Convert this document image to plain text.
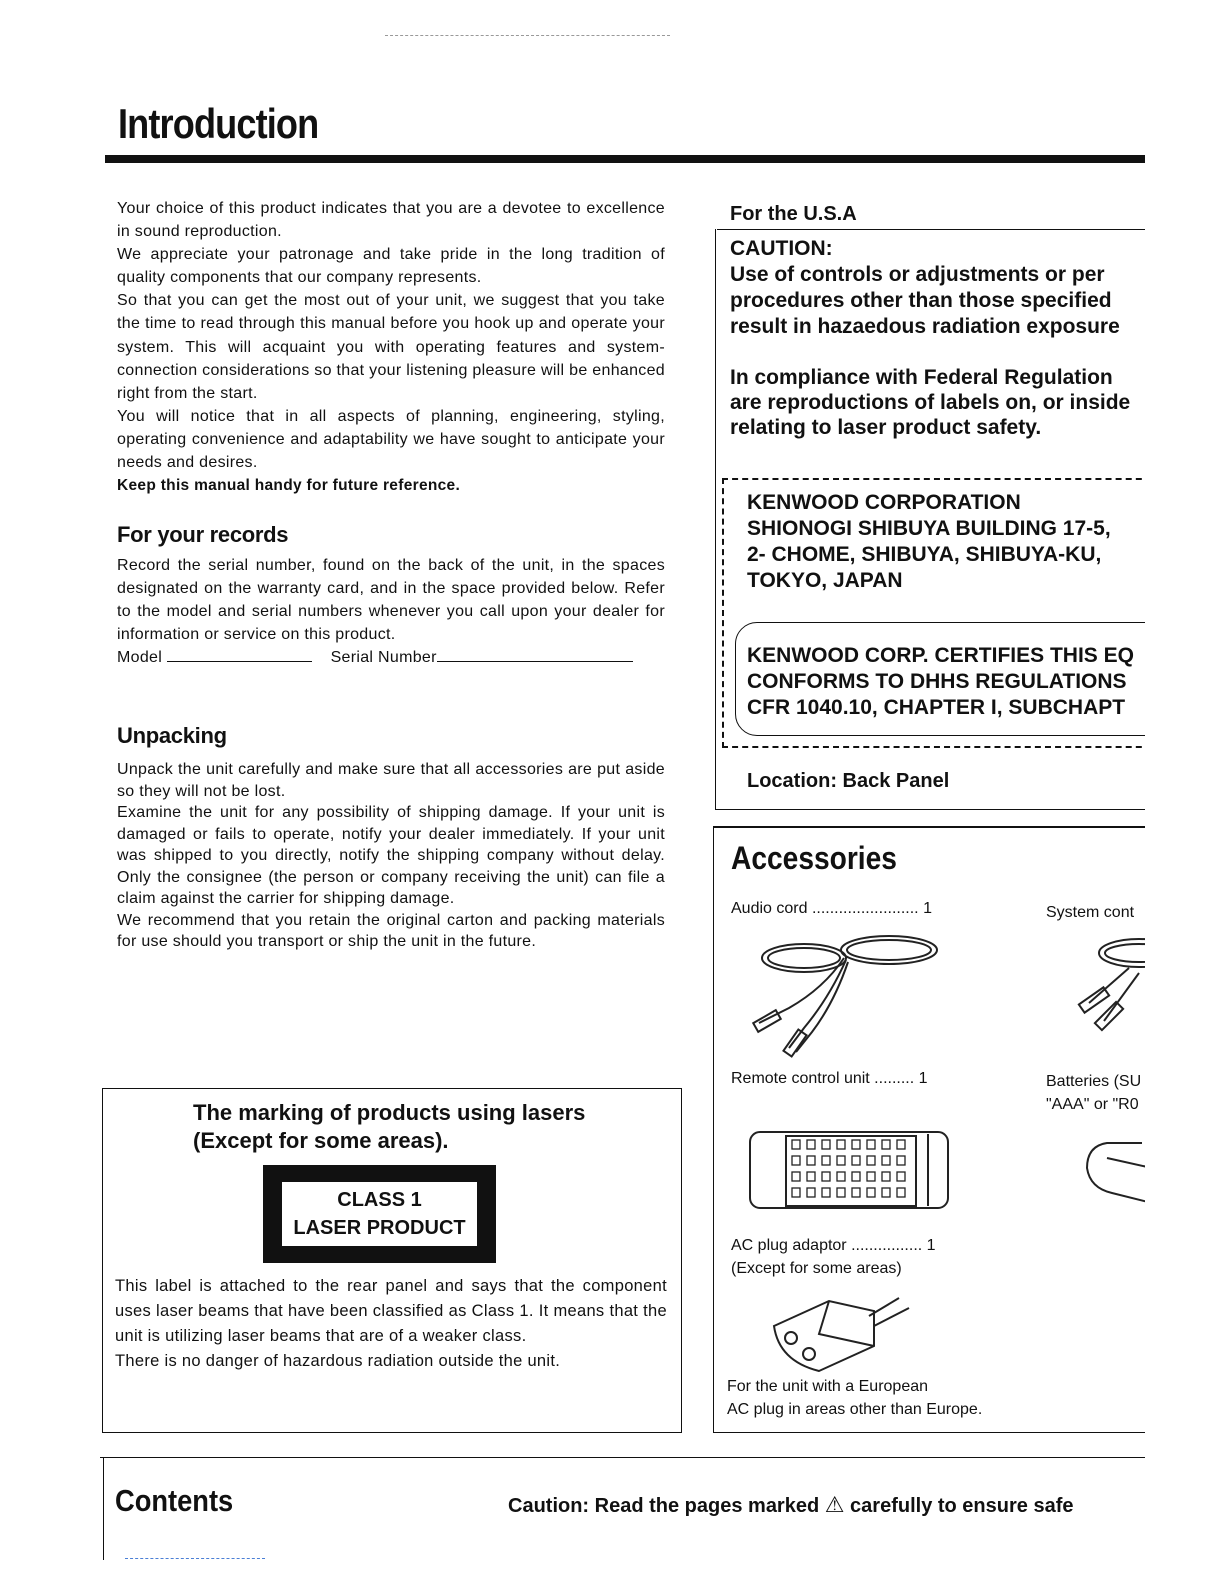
Introduction

Your choice of this product indicates that you are a devotee to excellence in sound reproduction.

We appreciate your patronage and take pride in the long tradition of quality components that our company represents.

So that you can get the most out of your unit, we suggest that you take the time to read through this manual before you hook up and operate your system. This will acquaint you with operating features and system-connection considerations so that your listening pleasure will be enhanced right from the start.

You will notice that in all aspects of planning, engineering, styling, operating convenience and adaptability we have sought to anticipate your needs and desires.

Keep this manual handy for future reference.

For your records

Record the serial number, found on the back of the unit, in the spaces designated on the warranty card, and in the space provided below. Refer to the model and serial numbers whenever you call upon your dealer for information or service on this product.

Model	Serial Number

Unpacking

Unpack the unit carefully and make sure that all accessories are put aside so they will not be lost.

Examine the unit for any possibility of shipping damage. If your unit is damaged or fails to operate, notify your dealer immediately. If your unit was shipped to you directly, notify the shipping company without delay. Only the consignee (the person or company receiving the unit) can file a claim against the carrier for shipping damage.

We recommend that you retain the original carton and packing materials for use should you transport or ship the unit in the future.

The marking of products using lasers
(Except for some areas).
CLASS 1
LASER PRODUCT

This label is attached to the rear panel and says that the component uses laser beams that have been classified as Class 1. It means that the unit is utilizing laser beams that are of a weaker class.

There is no danger of hazardous radiation outside the unit.

For the U.S.A
CAUTION:
Use of controls or adjustments or per
procedures other than those specified
result in hazaedous radiation exposure
In compliance with Federal Regulation
are reproductions of labels on, or inside
relating to laser product safety.
KENWOOD CORPORATION
SHIONOGI SHIBUYA BUILDING 17-5,
2- CHOME, SHIBUYA, SHIBUYA-KU,
TOKYO, JAPAN
KENWOOD CORP. CERTIFIES THIS EQ
CONFORMS TO DHHS REGULATIONS
CFR 1040.10, CHAPTER I, SUBCHAPT
Location: Back Panel
Accessories
Audio cord ........................ 1	System cont
Remote control unit ......... 1	Batteries (SU
"AAA" or "R0
AC plug adaptor ................ 1
(Except for some areas)
For the unit with a European
AC plug in areas other than Europe.
Contents	Caution: Read the pages marked ⚠ carefully to ensure safe
